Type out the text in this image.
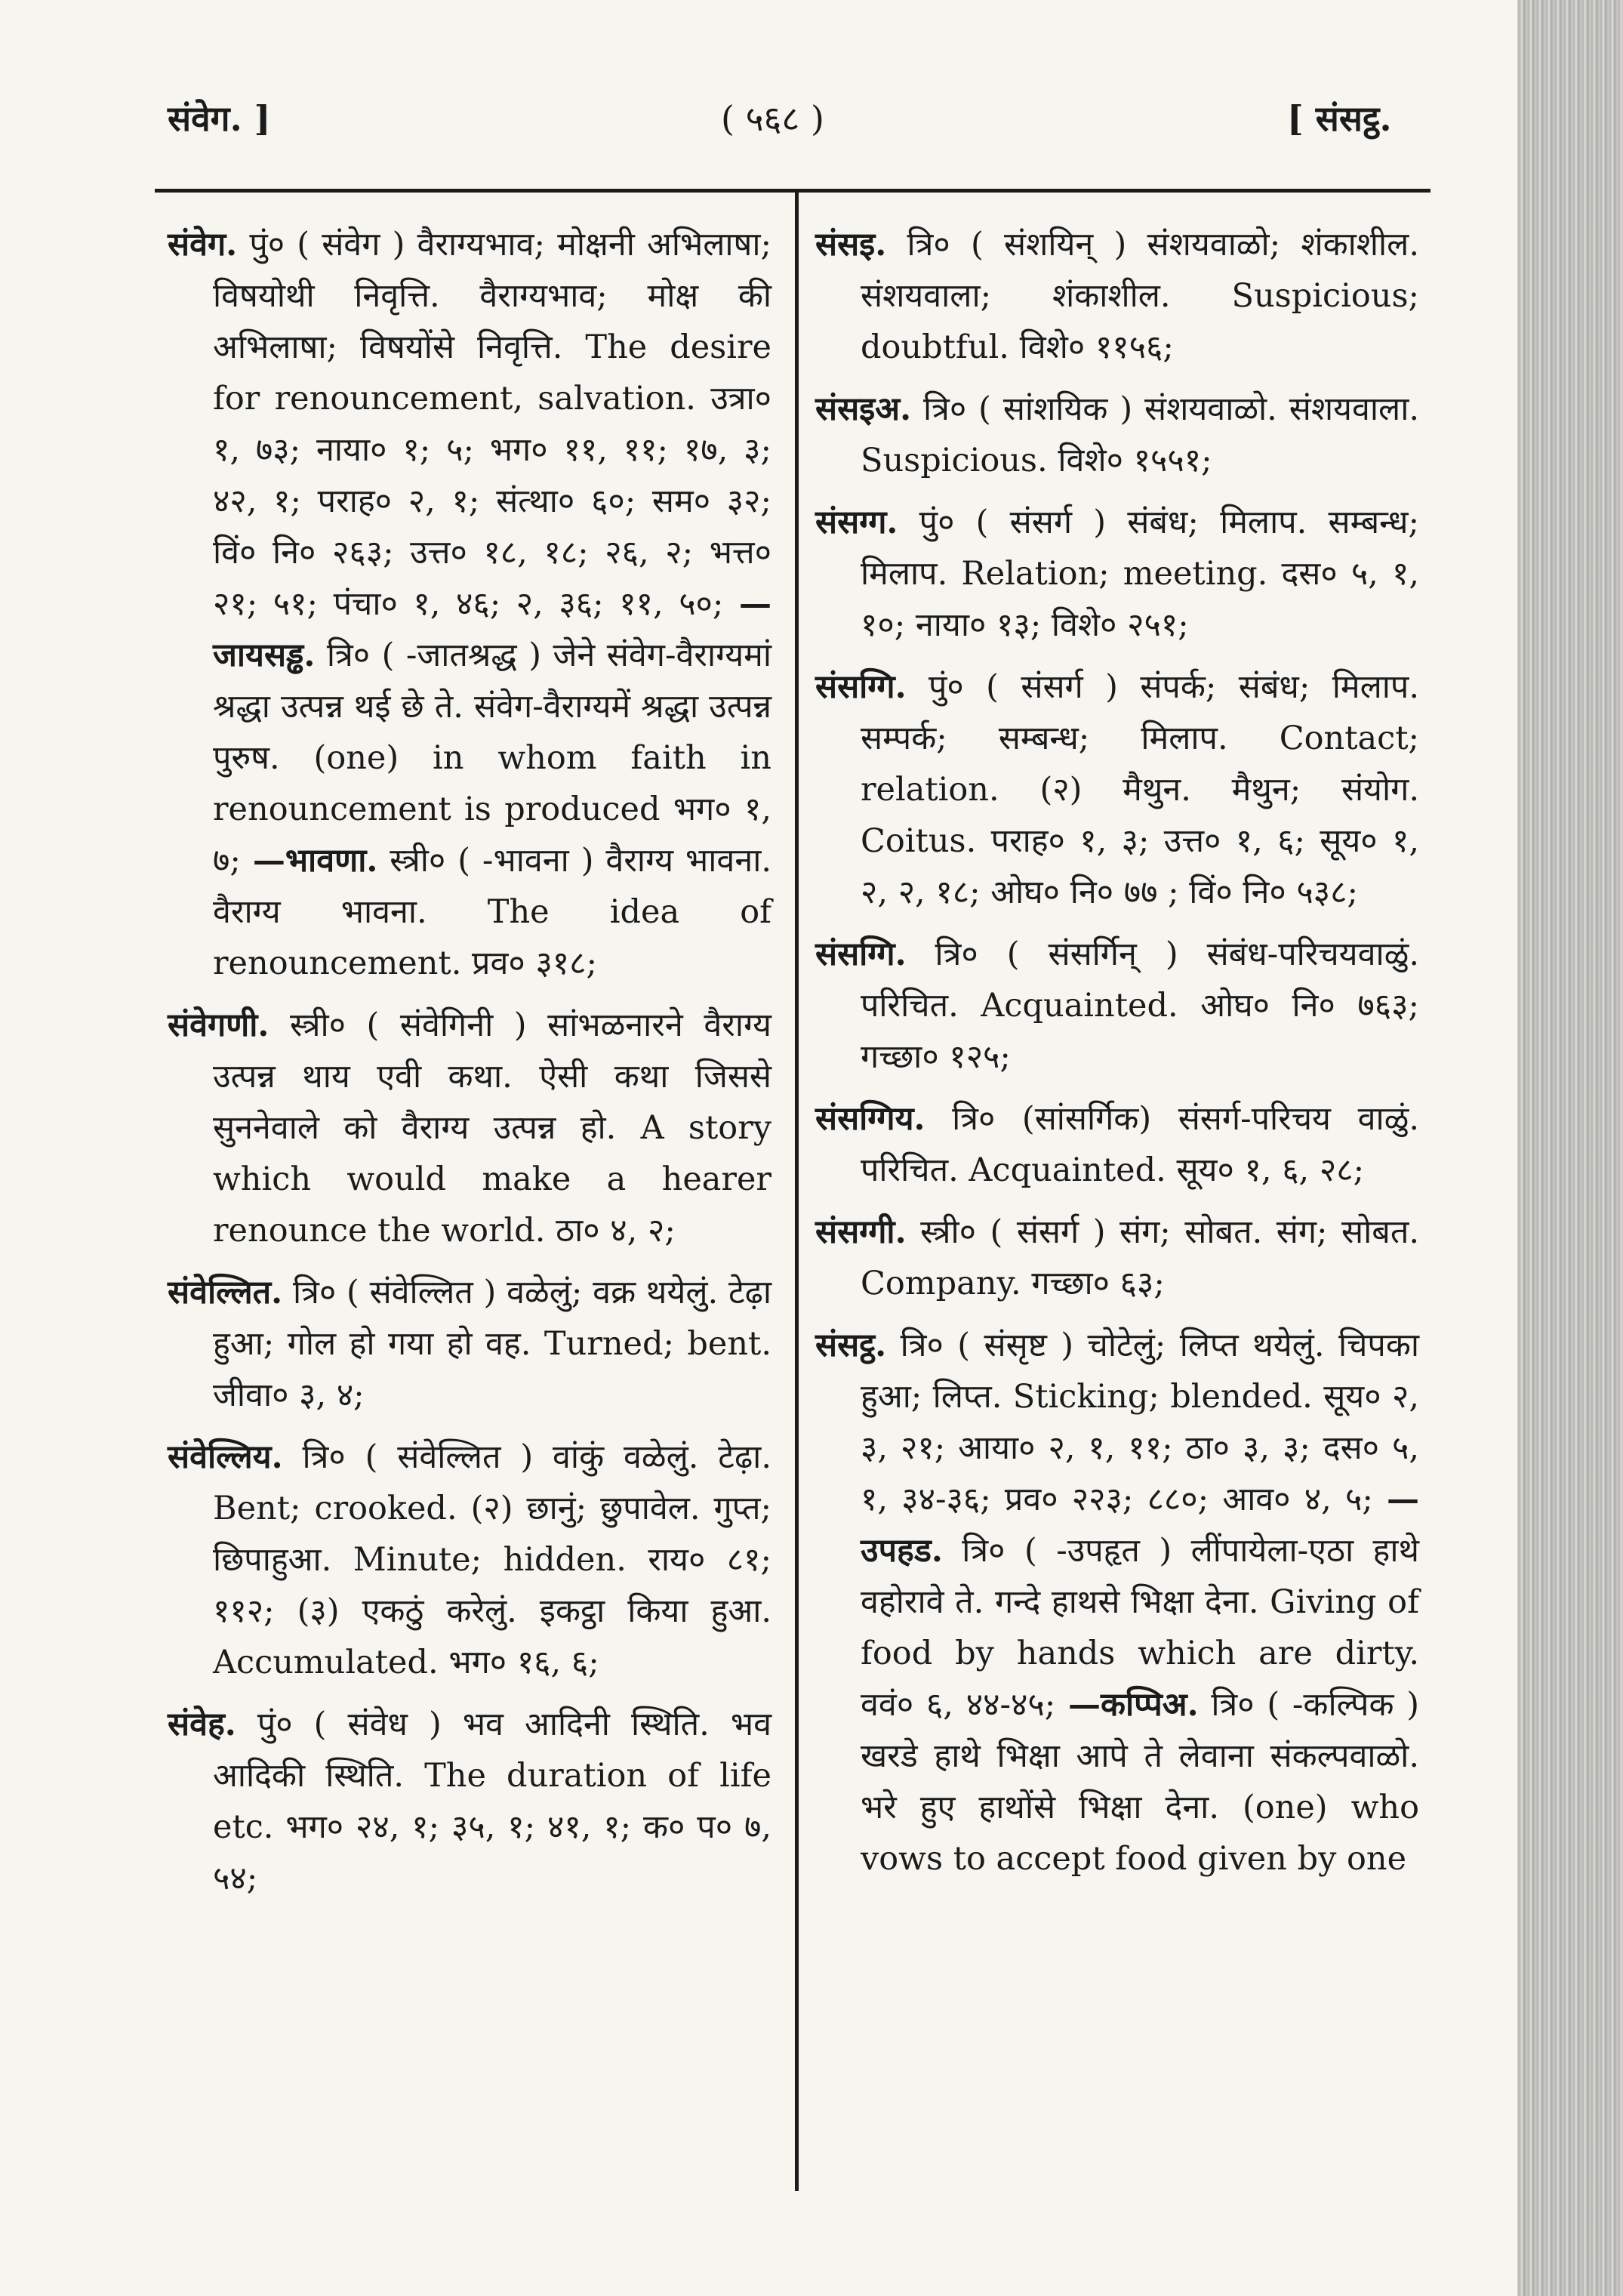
संवेग. ]	( ५६८ )	[ संसट्ठ.

संवेग. पुं० ( संवेग ) वैराग्यभाव; मोक्षनी अभिलाषा; विषयोथी निवृत्ति. वैराग्यभाव; मोक्ष की अभिलाषा; विषयोंसे निवृत्ति. The desire for renouncement, salvation. उत्रा० १, ७३; नाया० १; ५; भग० ११, ११; १७, ३; ४२, १; पराह० २, १; संत्था० ६०; सम० ३२; विं० नि० २६३; उत्त० १८, १८; २६, २; भत्त० २१; ५१; पंचा० १, ४६; २, ३६; ११, ५०; —जायसड्ढ. त्रि० ( -जातश्रद्ध ) जेने संवेग-वैराग्यमां श्रद्धा उत्पन्न थई छे ते. संवेग-वैराग्यमें श्रद्धा उत्पन्न पुरुष. (one) in whom faith in renouncement is produced भग० १, ७; —भावणा. स्त्री० ( -भावना ) वैराग्य भावना. वैराग्य भावना. The idea of renouncement. प्रव० ३१८;

संवेगणी. स्त्री० ( संवेगिनी ) सांभळनारने वैराग्य उत्पन्न थाय एवी कथा. ऐसी कथा जिससे सुननेवाले को वैराग्य उत्पन्न हो. A story which would make a hearer renounce the world. ठा० ४, २;

संवेल्लित. त्रि० ( संवेल्लित ) वळेलुं; वक्र थयेलुं. टेढ़ा हुआ; गोल हो गया हो वह. Turned; bent. जीवा० ३, ४;

संवेल्लिय. त्रि० ( संवेल्लित ) वांकुं वळेलुं. टेढ़ा. Bent; crooked. (२) छानुं; छुपावेल. गुप्त; छिपाहुआ. Minute; hidden. राय० ८१; ११२; (३) एकठुं करेलुं. इकट्ठा किया हुआ. Accumulated. भग० १६, ६;

संवेह. पुं० ( संवेध ) भव आदिनी स्थिति. भव आदिकी स्थिति. The duration of life etc. भग० २४, १; ३५, १; ४१, १; क० प० ७, ५४;

संसइ. त्रि० ( संशयिन् ) संशयवाळो; शंकाशील. संशयवाला; शंकाशील. Suspicious; doubtful. विशे० ११५६;

संसइअ. त्रि० ( सांशयिक ) संशयवाळो. संशयवाला. Suspicious. विशे० १५५१;

संसग्ग. पुं० ( संसर्ग ) संबंध; मिलाप. सम्बन्ध; मिलाप. Relation; meeting. दस० ५, १, १०; नाया० १३; विशे० २५१;

संसग्गि. पुं० ( संसर्ग ) संपर्क; संबंध; मिलाप. सम्पर्क; सम्बन्ध; मिलाप. Contact; relation. (२) मैथुन. मैथुन; संयोग. Coitus. पराह० १, ३; उत्त० १, ६; सूय० १, २, २, १८; ओघ० नि० ७७ ; विं० नि० ५३८;

संसग्गि. त्रि० ( संसर्गिन् ) संबंध-परिचयवाळुं. परिचित. Acquainted. ओघ० नि० ७६३; गच्छा० १२५;

संसग्गिय. त्रि० (सांसर्गिक) संसर्ग-परिचय वाळुं. परिचित. Acquainted. सूय० १, ६, २८;

संसग्गी. स्त्री० ( संसर्ग ) संग; सोबत. संग; सोबत. Company. गच्छा० ६३;

संसट्ठ. त्रि० ( संसृष्ट ) चोटेलुं; लिप्त थयेलुं. चिपका हुआ; लिप्त. Sticking; blended. सूय० २, ३, २१; आया० २, १, ११; ठा० ३, ३; दस० ५, १, ३४-३६; प्रव० २२३; ८८०; आव० ४, ५; —उपहड. त्रि० ( -उपहृत ) लींपायेला-एठा हाथे वहोरावे ते. गन्दे हाथसे भिक्षा देना. Giving of food by hands which are dirty. ववं० ६, ४४-४५; —कप्पिअ. त्रि० ( -कल्पिक ) खरडे हाथे भिक्षा आपे ते लेवाना संकल्पवाळो. भरे हुए हाथोंसे भिक्षा देना. (one) who vows to accept food given by one
